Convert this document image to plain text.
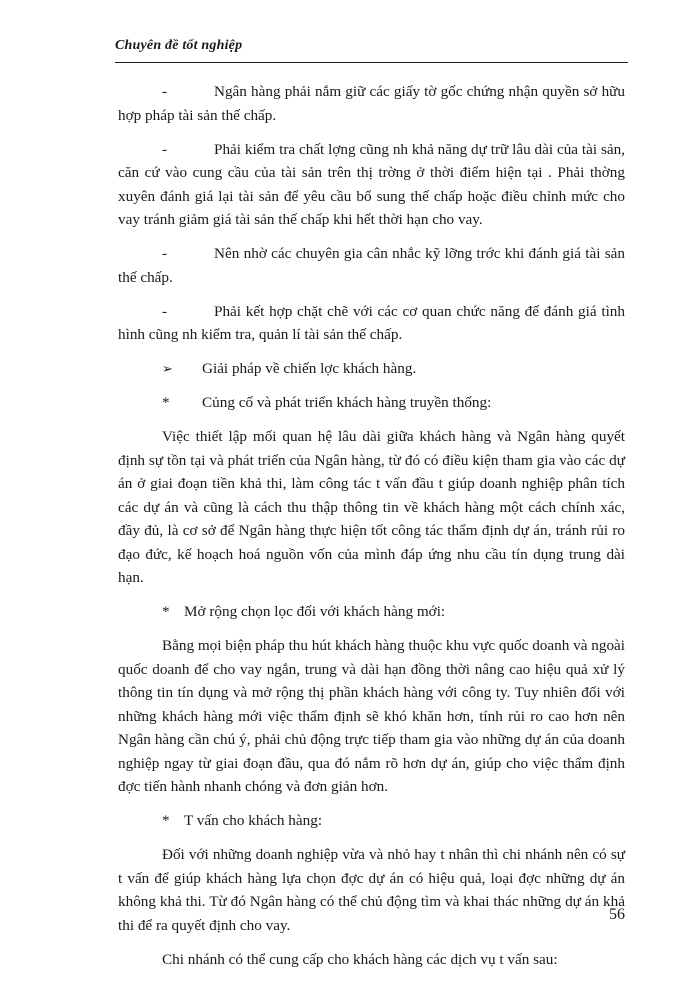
Chuyên đề tốt nghiệp

-	Ngân hàng phải nắm giữ các giấy tờ gốc chứng nhận quyền sở hữu hợp pháp tài sản thế chấp.

-	Phải kiểm tra chất lợng cũng nh khả năng dự trữ lâu dài của tài sản, căn cứ vào cung cầu của tài sản trên thị trờng ở thời điểm hiện tại . Phải thờng xuyên đánh giá lại tài sản để yêu cầu bổ sung thế chấp hoặc điều chỉnh mức cho vay tránh giảm giá tài sản thế chấp khi hết thời hạn cho vay.

-	Nên nhờ các chuyên gia cân nhắc kỹ lỡng trớc khi đánh giá tài sản thế chấp.

-	Phải kết hợp chặt chẽ với các cơ quan chức năng để đánh giá tình hình cũng nh kiểm tra, quản lí tài sản thế chấp.

➢ Giải pháp về chiến lợc khách hàng.
* Củng cố và phát triển khách hàng truyền thống:

Việc thiết lập mối quan hệ lâu dài giữa khách hàng và Ngân hàng quyết định sự tồn tại và phát triển của Ngân hàng, từ đó có điều kiện tham gia vào các dự án ở giai đoạn tiền khả thi, làm công tác t vấn đầu t giúp doanh nghiệp phân tích các dự án và cũng là cách thu thập thông tin về khách hàng một cách chính xác, đầy đủ, là cơ sở để Ngân hàng thực hiện tốt công tác thẩm định dự án, tránh rủi ro đạo đức, kế hoạch hoá nguồn vốn của mình đáp ứng nhu cầu tín dụng trung dài hạn.

* Mở rộng chọn lọc đối với khách hàng mới:

Bằng mọi biện pháp thu hút khách hàng thuộc khu vực quốc doanh và ngoài quốc doanh để cho vay ngắn, trung và dài hạn đồng thời nâng cao hiệu quả xử lý thông tin tín dụng và mở rộng thị phần khách hàng với công ty. Tuy nhiên đối với những khách hàng mới việc thẩm định sẽ khó khăn hơn, tính rủi ro cao hơn nên Ngân hàng cần chú ý, phải chủ động trực tiếp tham gia vào những dự án của doanh nghiệp ngay từ giai đoạn đầu, qua đó nắm rõ hơn dự án, giúp cho việc thẩm định đợc tiến hành nhanh chóng và đơn giản hơn.

* T vấn cho khách hàng:

Đối với những doanh nghiệp vừa và nhỏ hay t nhân thì chi nhánh nên có sự t vấn để giúp khách hàng lựa chọn đợc dự án có hiệu quả, loại đợc những dự án không khả thi. Từ đó Ngân hàng có thể chủ động tìm và khai thác những dự án khả thi để ra quyết định cho vay.

Chi nhánh có thể cung cấp cho khách hàng các dịch vụ t vấn sau:

56
